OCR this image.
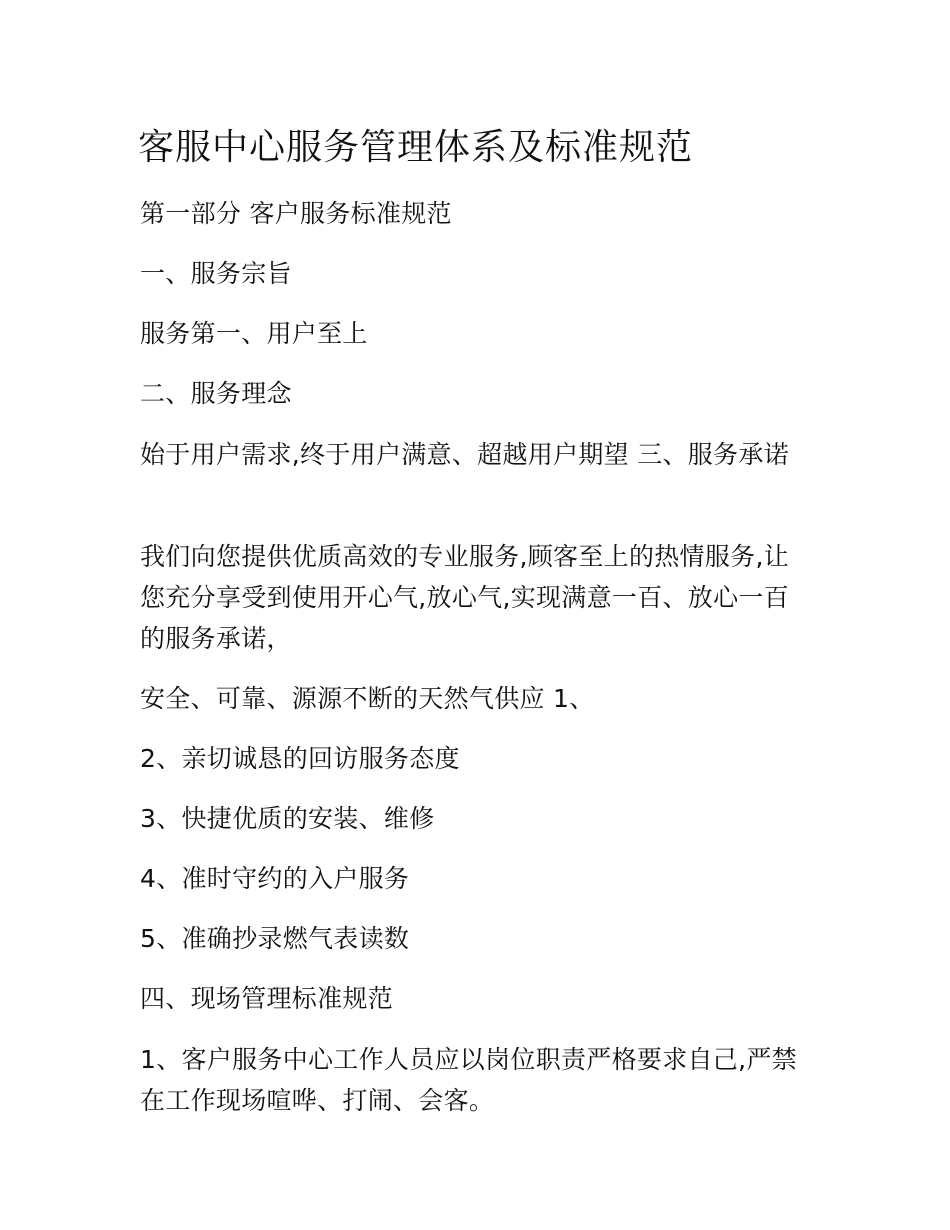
客服中心服务管理体系及标准规范

第一部分 客户服务标准规范

一、服务宗旨

服务第一、用户至上

二、服务理念

始于用户需求,终于用户满意、超越用户期望 三、服务承诺

我们向您提供优质高效的专业服务,顾客至上的热情服务,让您充分享受到使用开心气,放心气,实现满意一百、放心一百的服务承诺，

安全、可靠、源源不断的天然气供应 1、

2、亲切诚恳的回访服务态度

3、快捷优质的安装、维修

4、准时守约的入户服务

5、准确抄录燃气表读数

四、现场管理标准规范

1、客户服务中心工作人员应以岗位职责严格要求自己,严禁在工作现场喧哗、打闹、会客。
